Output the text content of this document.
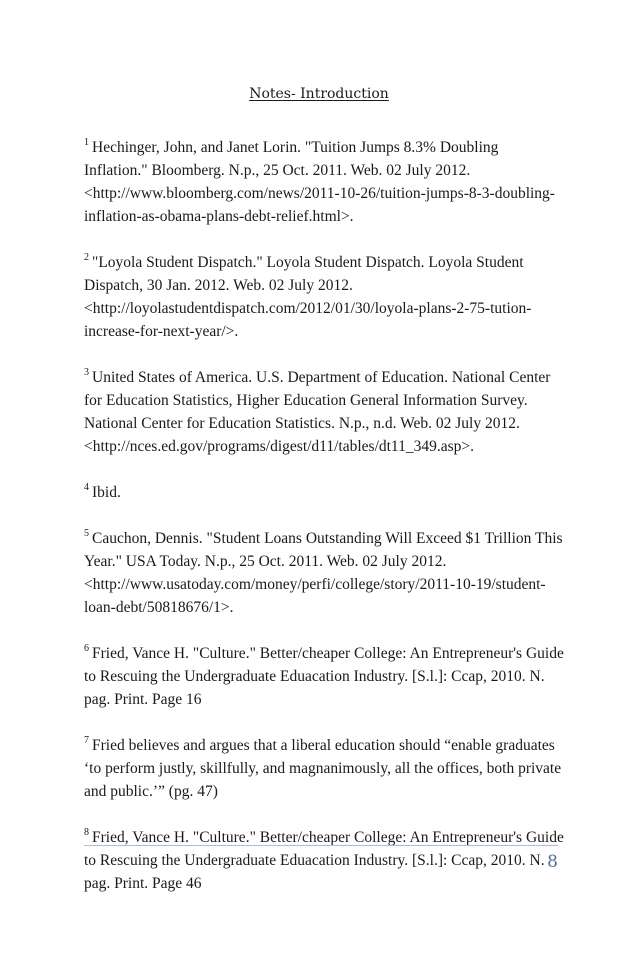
Notes- Introduction

$^1$ Hechinger, John, and Janet Lorin. "Tuition Jumps 8.3% Doubling Inflation." Bloomberg. N.p., 25 Oct. 2011. Web. 02 July 2012. <http://www.bloomberg.com/news/2011-10-26/tuition-jumps-8-3-doubling-inflation-as-obama-plans-debt-relief.html>.

$^2$ "Loyola Student Dispatch." Loyola Student Dispatch. Loyola Student Dispatch, 30 Jan. 2012. Web. 02 July 2012. <http://loyolastudentdispatch.com/2012/01/30/loyola-plans-2-75-tution-increase-for-next-year/>.

$^3$ United States of America. U.S. Department of Education. National Center for Education Statistics, Higher Education General Information Survey. National Center for Education Statistics. N.p., n.d. Web. 02 July 2012. <http://nces.ed.gov/programs/digest/d11/tables/dt11_349.asp>.

$^4$ Ibid.

$^5$ Cauchon, Dennis. "Student Loans Outstanding Will Exceed $1 Trillion This Year." USA Today. N.p., 25 Oct. 2011. Web. 02 July 2012. <http://www.usatoday.com/money/perfi/college/story/2011-10-19/student-loan-debt/50818676/1>.

$^6$ Fried, Vance H. "Culture." Better/cheaper College: An Entrepreneur's Guide to Rescuing the Undergraduate Eduacation Industry. [S.l.]: Ccap, 2010. N. pag. Print. Page 16

$^7$ Fried believes and argues that a liberal education should “enable graduates ‘to perform justly, skillfully, and magnanimously, all the offices, both private and public.’” (pg. 47)

$^8$ Fried, Vance H. "Culture." Better/cheaper College: An Entrepreneur's Guide to Rescuing the Undergraduate Eduacation Industry. [S.l.]: Ccap, 2010. N. pag. Print. Page 46

8
